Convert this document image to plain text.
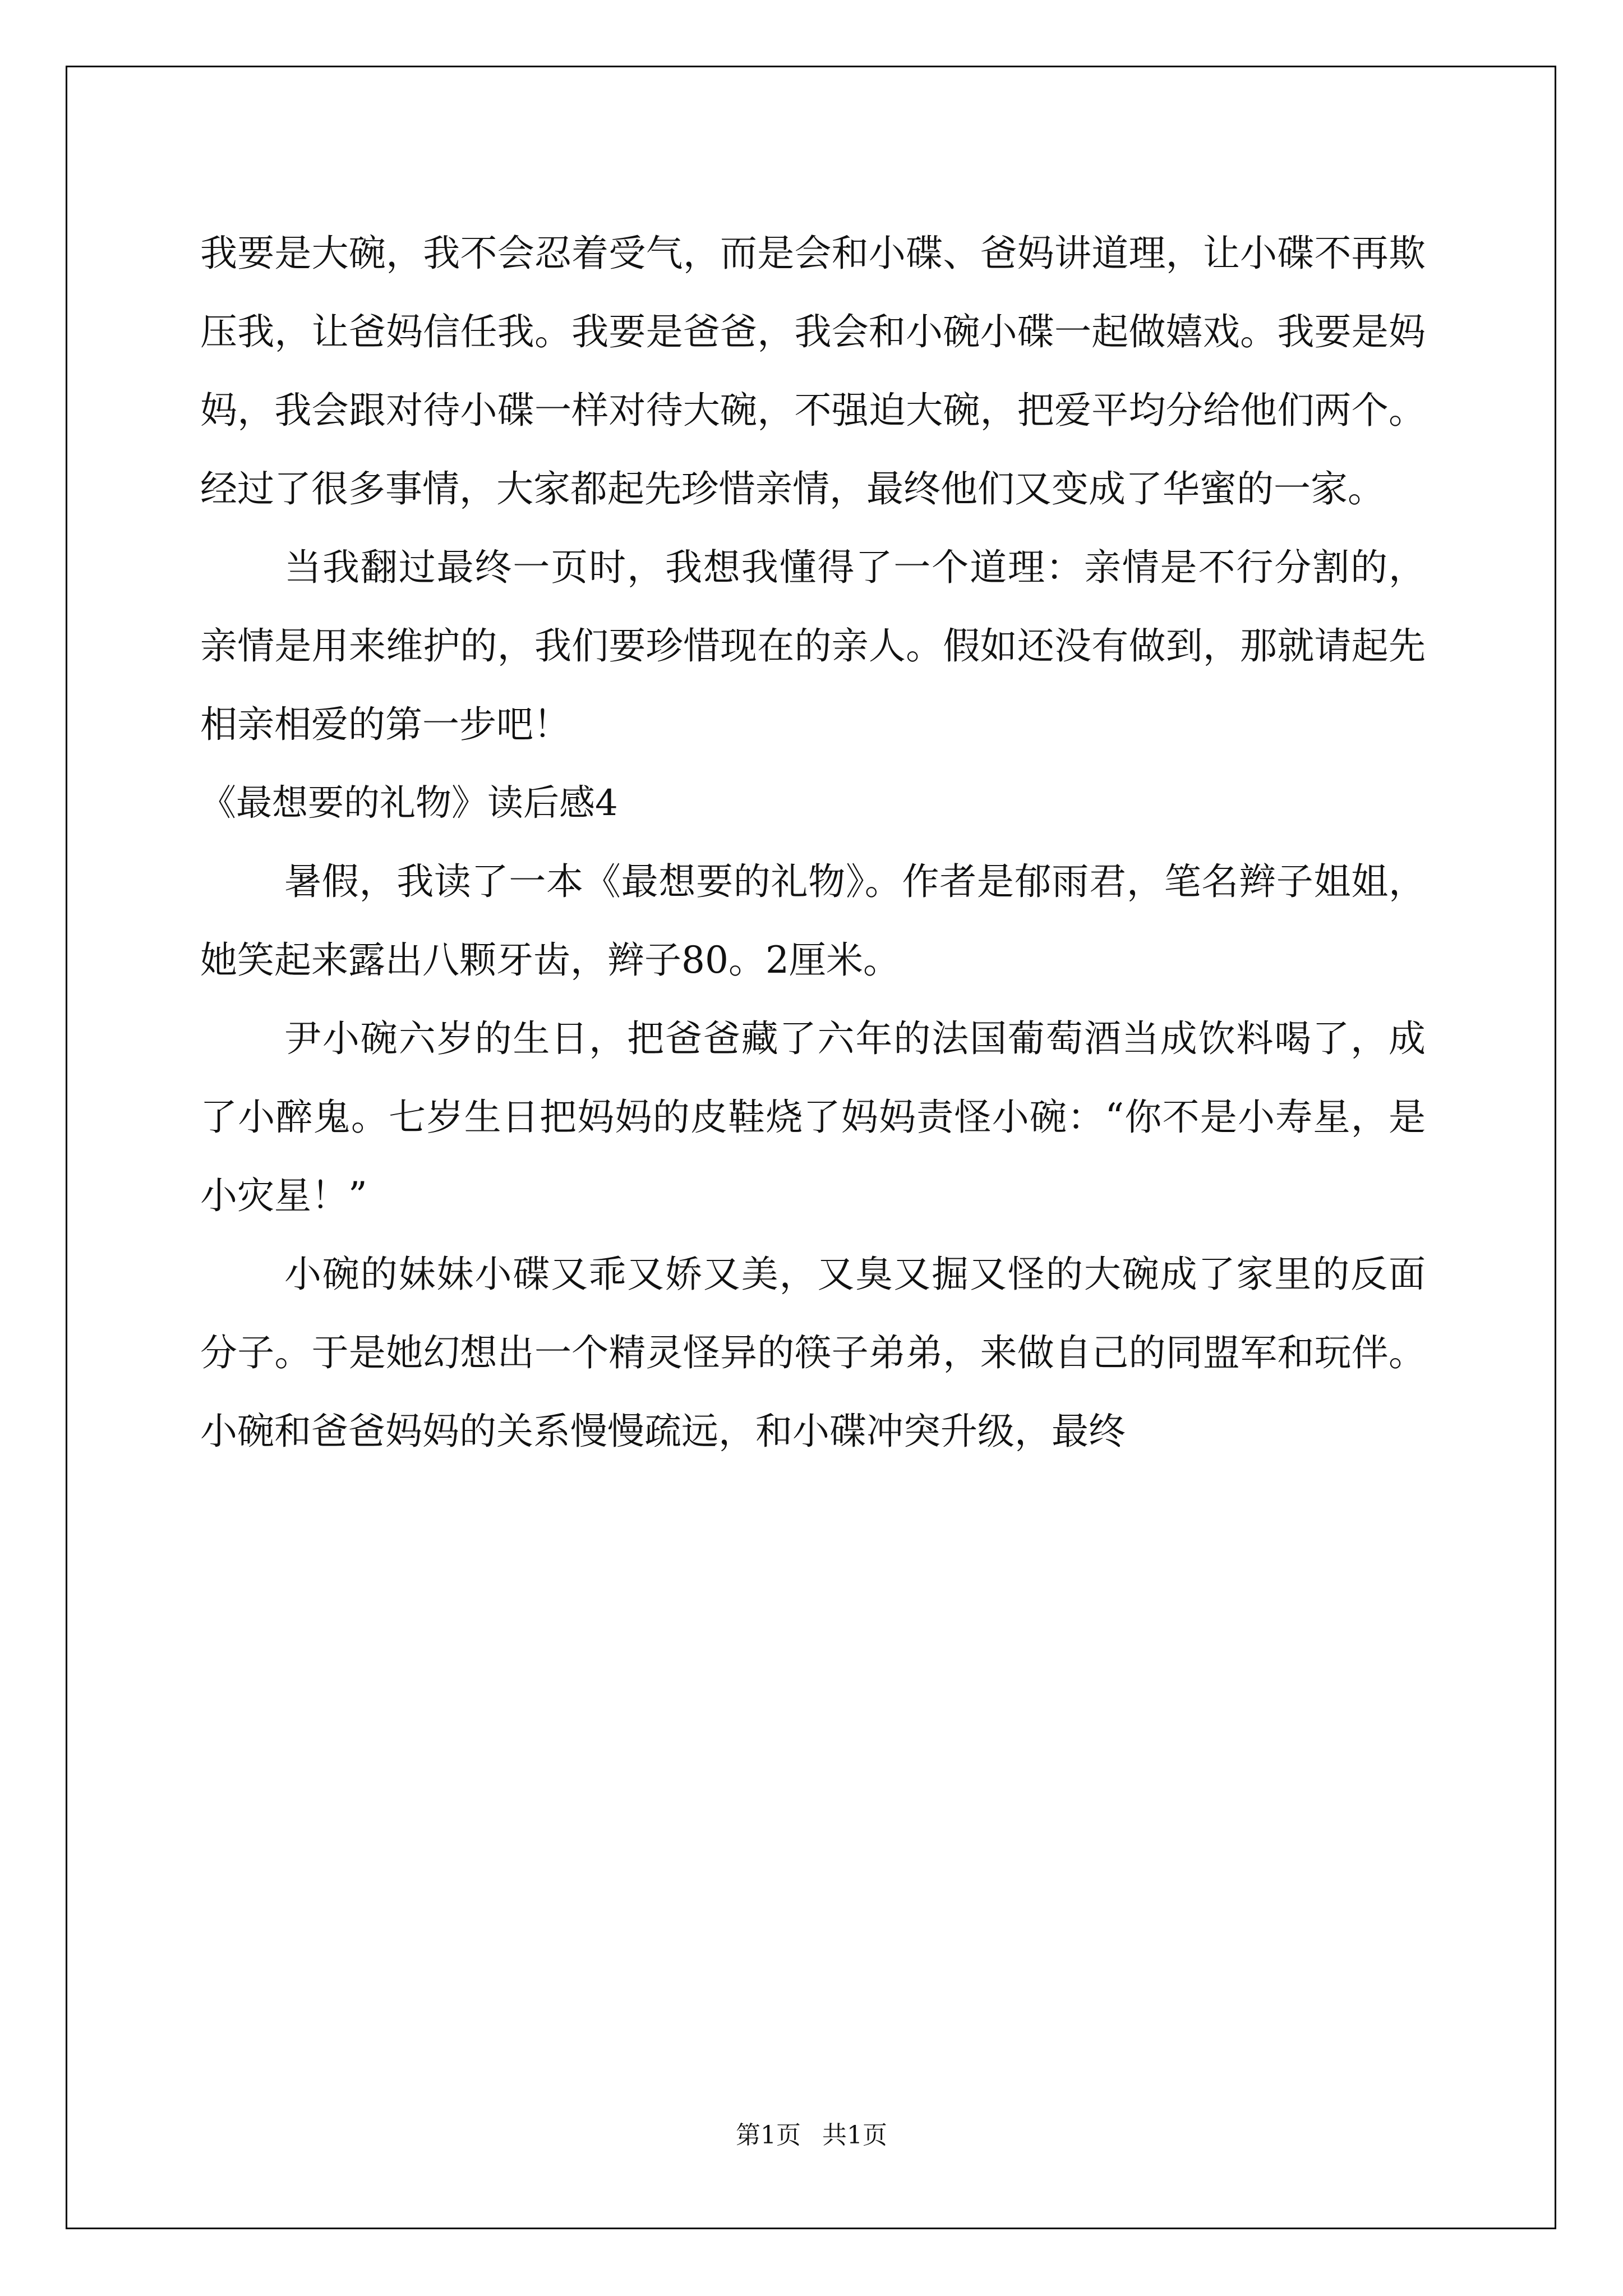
我要是大碗，我不会忍着受气，而是会和小碟、爸妈讲道理，让小碟不再欺压我，让爸妈信任我。我要是爸爸，我会和小碗小碟一起做嬉戏。我要是妈妈，我会跟对待小碟一样对待大碗，不强迫大碗，把爱平均分给他们两个。经过了很多事情，大家都起先珍惜亲情，最终他们又变成了华蜜的一家。

当我翻过最终一页时，我想我懂得了一个道理：亲情是不行分割的，亲情是用来维护的，我们要珍惜现在的亲人。假如还没有做到，那就请起先相亲相爱的第一步吧！

《最想要的礼物》读后感4

暑假，我读了一本《最想要的礼物》。作者是郁雨君，笔名辫子姐姐，她笑起来露出八颗牙齿，辫子80。2厘米。

尹小碗六岁的生日，把爸爸藏了六年的法国葡萄酒当成饮料喝了，成了小醉鬼。七岁生日把妈妈的皮鞋烧了妈妈责怪小碗：“你不是小寿星，是小灾星！”

小碗的妹妹小碟又乖又娇又美，又臭又掘又怪的大碗成了家里的反面分子。于是她幻想出一个精灵怪异的筷子弟弟，来做自己的同盟军和玩伴。小碗和爸爸妈妈的关系慢慢疏远，和小碟冲突升级，最终

第1页 共1页
